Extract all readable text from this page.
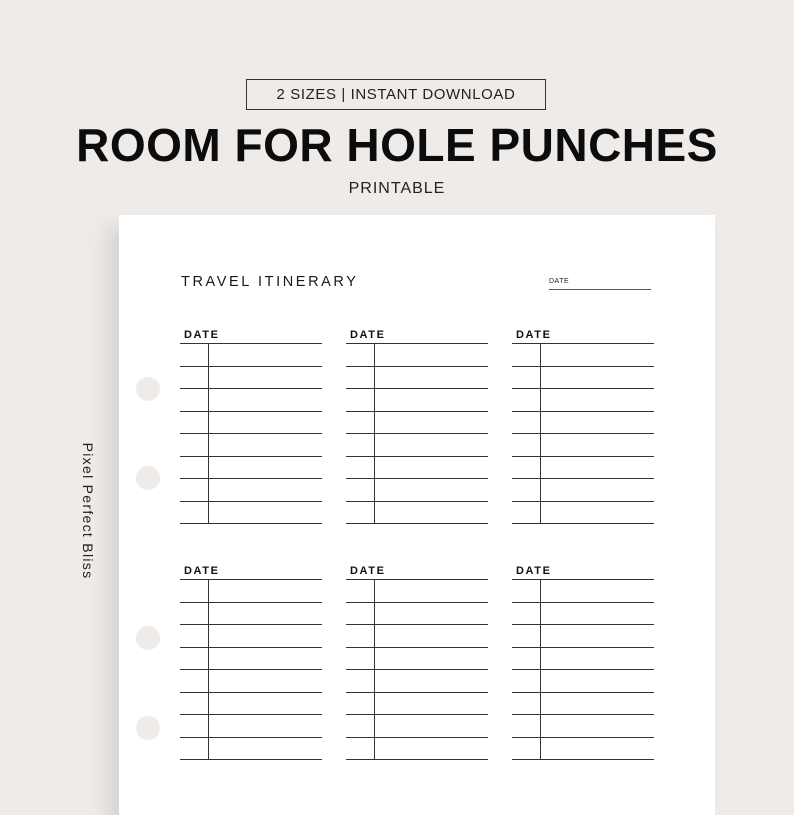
2 SIZES | INSTANT DOWNLOAD
ROOM FOR HOLE PUNCHES
PRINTABLE
Pixel Perfect Bliss
TRAVEL ITINERARY	DATE
DATE	DATE	DATE
DATE	DATE	DATE
